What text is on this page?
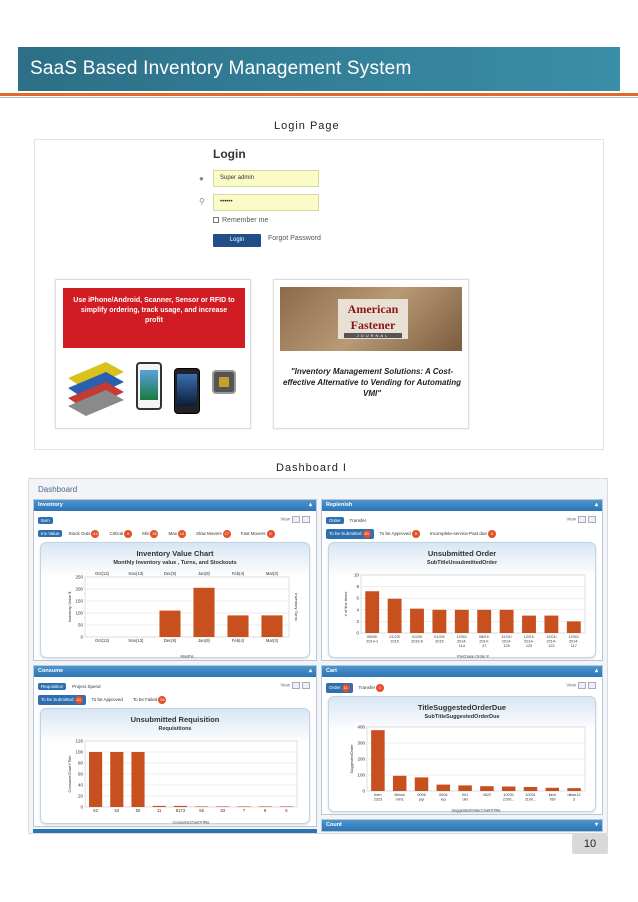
SaaS Based Inventory Management System
Login Page
Login
●	Super admin
⚲	••••••
Remember me
Login	Forgot Password
Use iPhone/Android, Scanner, Sensor or RFID to simplify ordering, track usage, and increase profit
American
Fastener
JOURNAL
"Inventory Management Solutions: A Cost-effective Alternative to Vending for Automating VMI"
Dashboard I
Dashboard
Inventory	▴
Item	View
Inv Value Stock Outs 44	Critical 6	Min 35	Max 14	Slow Movers 17	Fast Movers 8
Inventory Value Chart
Monthly Inventory value , Turns, and Stockouts
0
50
100
150
200
250
Inventory Value $	Inventory Turns
Oct(13)
Oct(13)
Nov(13)
Nov(13)
Dec(9)
Dec(9)
Jan(9)
Jan(9)
Feb(4)
Feb(4)
Mar(3)
Mar(3)
Months
Replenish	▴
Order Transfer	View
To be Submitted 30 To be Approved 5	Incomplete-service-Past due 6
Unsubmitted Order
SubTitleUnsubmittedOrder
0
2
4
6
8
10
# of line items
05/05/ 2014-1
01/23/ 2015
01/29/ 2015-6
01/29/ 2015
12/01/ 2014-114
08/01/ 2014-47
12/01/ 2014-125
12/01/ 2014-123
12/01/ 2014-122
12/01/ 2014-117
Purchase Order #
Consume	▴
Requisition Project Spend	View
To be Submitted 10 To be Approved To be Failed 28
Unsubmitted Requisition
Requisitions
0
20
40
60
80
100
120
ConsumeChartYTitle
52	53	50	11	8173	55	63	7	8	5
ConsumeChartXTitle
Cart	▴
Order 11 Transfer 1	View
TitleSuggestedOrderDue
SubTitleSuggestedOrderDue
0
100
200
300
400
SuggestedOrder
Item 2323
Below min1
0006 pqr
0006 xyz
001 def
4522	10031 2100...
10031 2100...
item 789
dkwe12 3
SuggestedOrderChartXTitle
Count	▾
10
